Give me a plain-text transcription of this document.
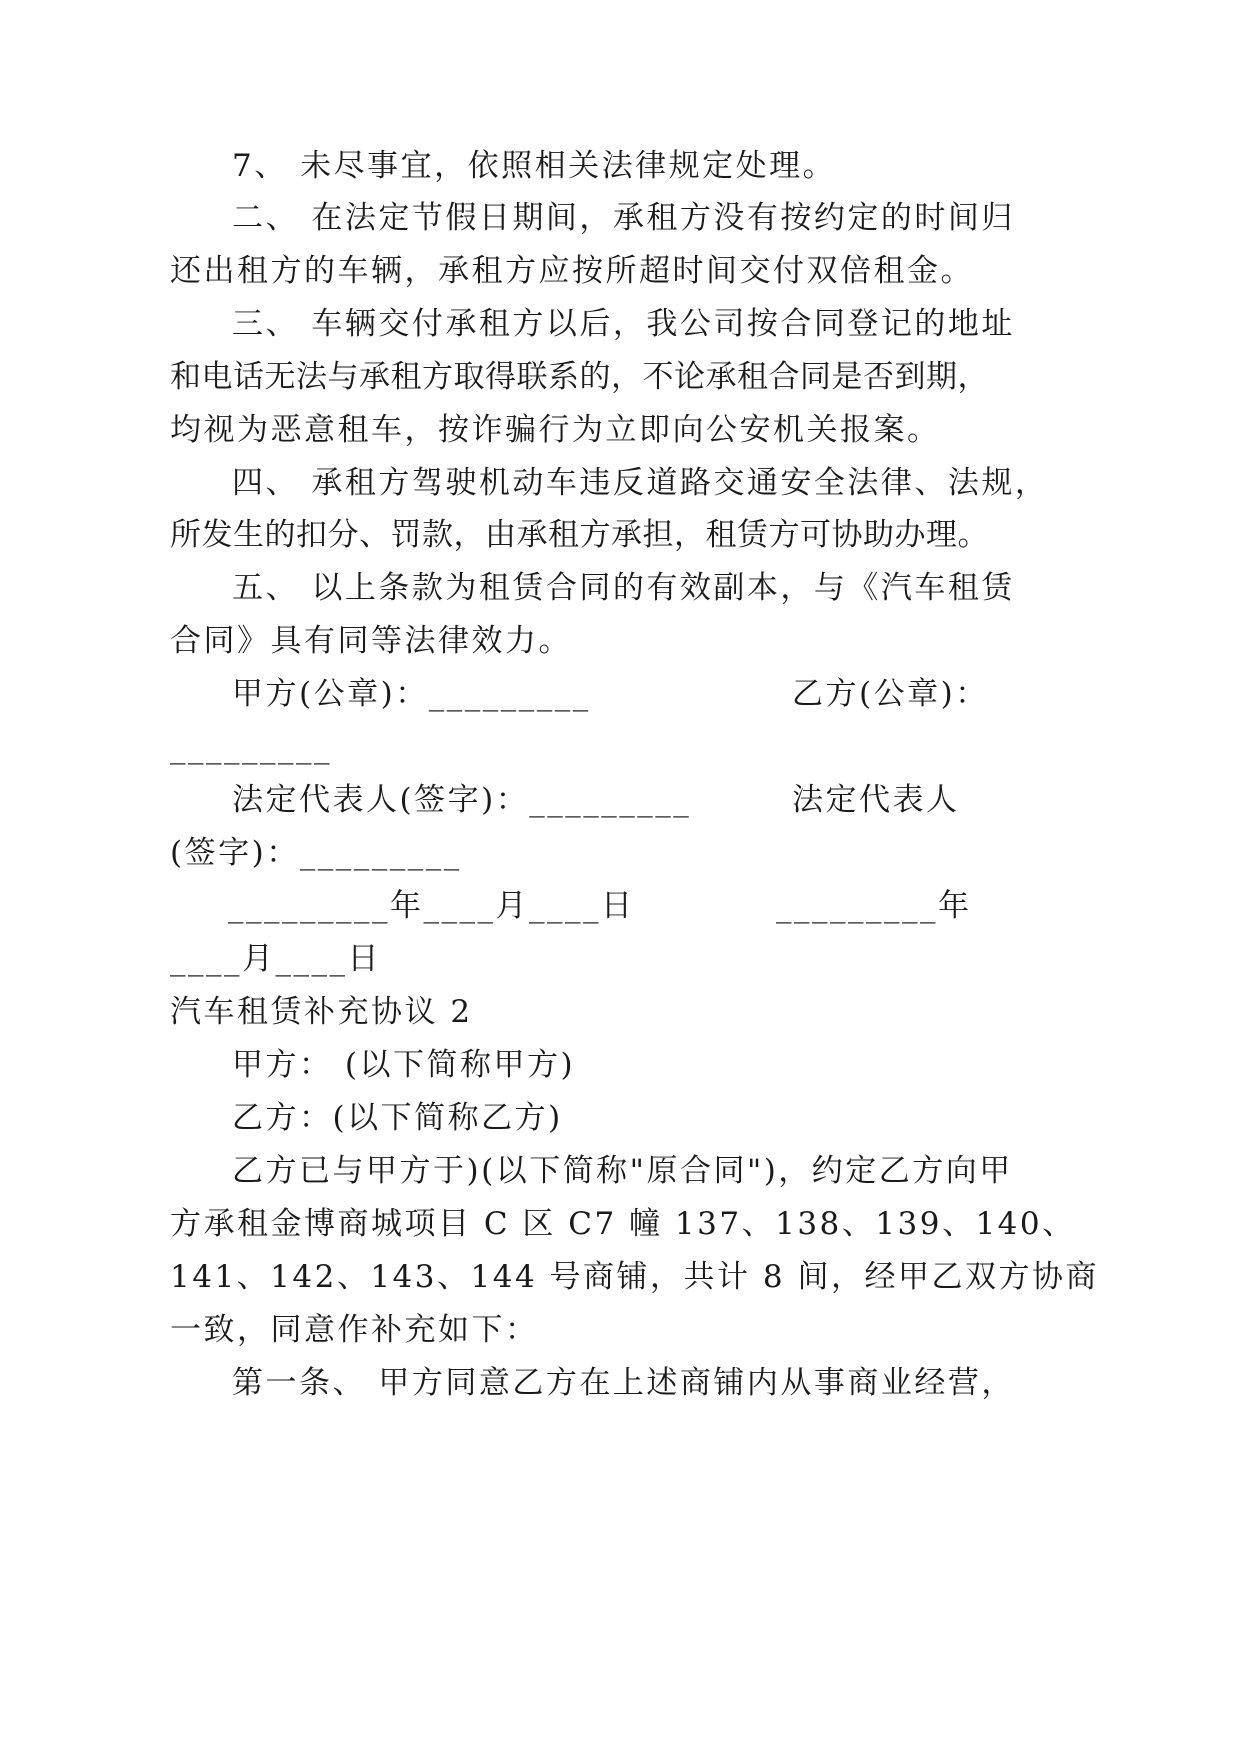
7、 未尽事宜，依照相关法律规定处理。
二、 在法定节假日期间，承租方没有按约定的时间归
还出租方的车辆，承租方应按所超时间交付双倍租金。
三、 车辆交付承租方以后，我公司按合同登记的地址
和电话无法与承租方取得联系的，不论承租合同是否到期，
均视为恶意租车，按诈骗行为立即向公安机关报案。
四、 承租方驾驶机动车违反道路交通安全法律、法规，
所发生的扣分、罚款，由承租方承担，租赁方可协助办理。
五、 以上条款为租赁合同的有效副本，与《汽车租赁
合同》具有同等法律效力。
甲方(公章)：_________	乙方(公章)：
_________
法定代表人(签字)：_________	法定代表人
(签字)：_________
_________年____月____日	_________年
____月____日
汽车租赁补充协议 2
甲方： (以下简称甲方)
乙方：(以下简称乙方)
乙方已与甲方于)(以下简称"原合同")，约定乙方向甲
方承租金博商城项目 C 区 C7 幢 137、138、139、140、
141、142、143、144 号商铺，共计 8 间，经甲乙双方协商
一致，同意作补充如下：
第一条、 甲方同意乙方在上述商铺内从事商业经营，
